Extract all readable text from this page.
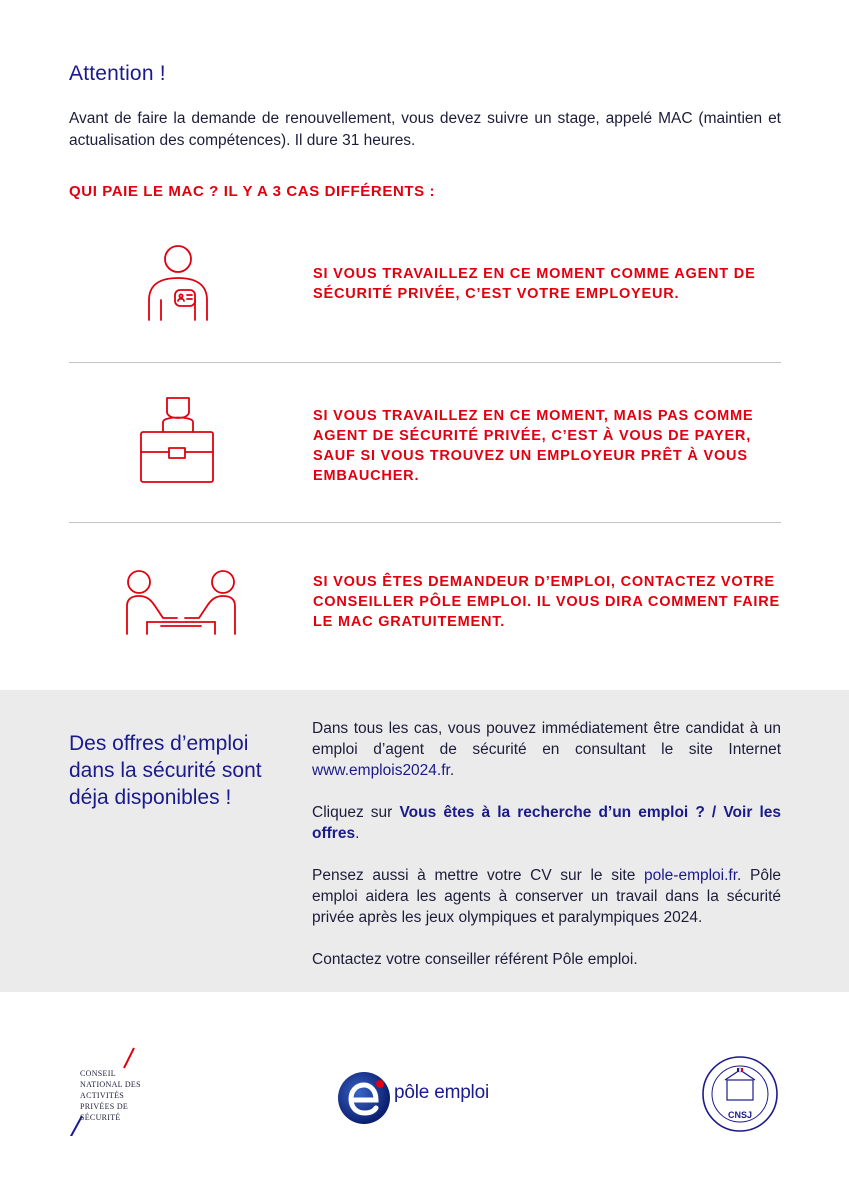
Attention !
Avant de faire la demande de renouvellement, vous devez suivre un stage, appelé MAC (maintien et actualisation des compétences). Il dure 31 heures.
QUI PAIE LE MAC ? IL Y A 3 CAS DIFFÉRENTS :
SI VOUS TRAVAILLEZ EN CE MOMENT COMME AGENT DE
SÉCURITÉ PRIVÉE, C’EST VOTRE EMPLOYEUR.
SI VOUS TRAVAILLEZ EN CE MOMENT, MAIS PAS COMME
AGENT DE SÉCURITÉ PRIVÉE, C’EST À VOUS DE PAYER,
SAUF SI VOUS TROUVEZ UN EMPLOYEUR PRÊT À VOUS
EMBAUCHER.
SI VOUS ÊTES DEMANDEUR D’EMPLOI, CONTACTEZ VOTRE
CONSEILLER PÔLE EMPLOI. IL VOUS DIRA COMMENT FAIRE
LE MAC GRATUITEMENT.
Des offres d’emploi dans la sécurité sont déja disponibles !

Dans tous les cas, vous pouvez immédiatement être candidat à un emploi d’agent de sécurité en consultant le site Internet www.emplois2024.fr.

Cliquez sur Vous êtes à la recherche d’un emploi ? / Voir les offres.

Pensez aussi à mettre votre CV sur le site pole-emploi.fr. Pôle emploi aidera les agents à conserver un travail dans la sécurité privée après les jeux olympiques et paralympiques 2024.

Contactez votre conseiller référent Pôle emploi.

CONSEIL
NATIONAL DES
ACTIVITÉS
PRIVÉES DE
SÉCURITÉ
pôle emploi
CNSJ
